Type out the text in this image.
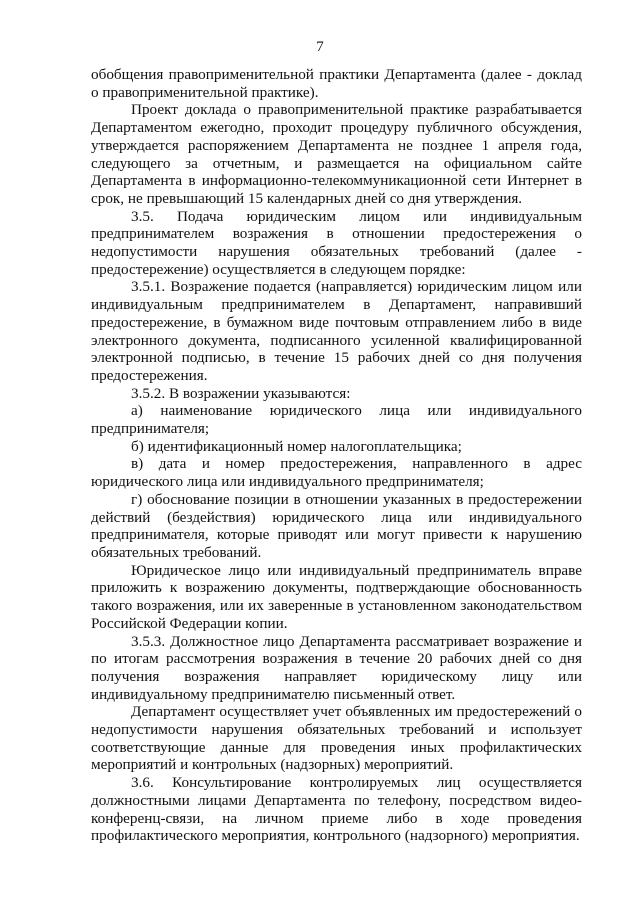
7

обобщения правоприменительной практики Департамента (далее - доклад о правоприменительной практике).

Проект доклада о правоприменительной практике разрабатывается Департаментом ежегодно, проходит процедуру публичного обсуждения, утверждается распоряжением Департамента не позднее 1 апреля года, следующего за отчетным, и размещается на официальном сайте Департамента в информационно-телекоммуникационной сети Интернет в срок, не превышающий 15 календарных дней со дня утверждения.

3.5. Подача юридическим лицом или индивидуальным предпринимателем возражения в отношении предостережения о недопустимости нарушения обязательных требований (далее - предостережение) осуществляется в следующем порядке:

3.5.1. Возражение подается (направляется) юридическим лицом или индивидуальным предпринимателем в Департамент, направивший предостережение, в бумажном виде почтовым отправлением либо в виде электронного документа, подписанного усиленной квалифицированной электронной подписью, в течение 15 рабочих дней со дня получения предостережения.

3.5.2. В возражении указываются:

а) наименование юридического лица или индивидуального предпринимателя;

б) идентификационный номер налогоплательщика;

в) дата и номер предостережения, направленного в адрес юридического лица или индивидуального предпринимателя;

г) обоснование позиции в отношении указанных в предостережении действий (бездействия) юридического лица или индивидуального предпринимателя, которые приводят или могут привести к нарушению обязательных требований.

Юридическое лицо или индивидуальный предприниматель вправе приложить к возражению документы, подтверждающие обоснованность такого возражения, или их заверенные в установленном законодательством Российской Федерации копии.

3.5.3. Должностное лицо Департамента рассматривает возражение и по итогам рассмотрения возражения в течение 20 рабочих дней со дня получения возражения направляет юридическому лицу или индивидуальному предпринимателю письменный ответ.

Департамент осуществляет учет объявленных им предостережений о недопустимости нарушения обязательных требований и использует соответствующие данные для проведения иных профилактических мероприятий и контрольных (надзорных) мероприятий.

3.6. Консультирование контролируемых лиц осуществляется должностными лицами Департамента по телефону, посредством видео-конференц-связи, на личном приеме либо в ходе проведения профилактического мероприятия, контрольного (надзорного) мероприятия.
